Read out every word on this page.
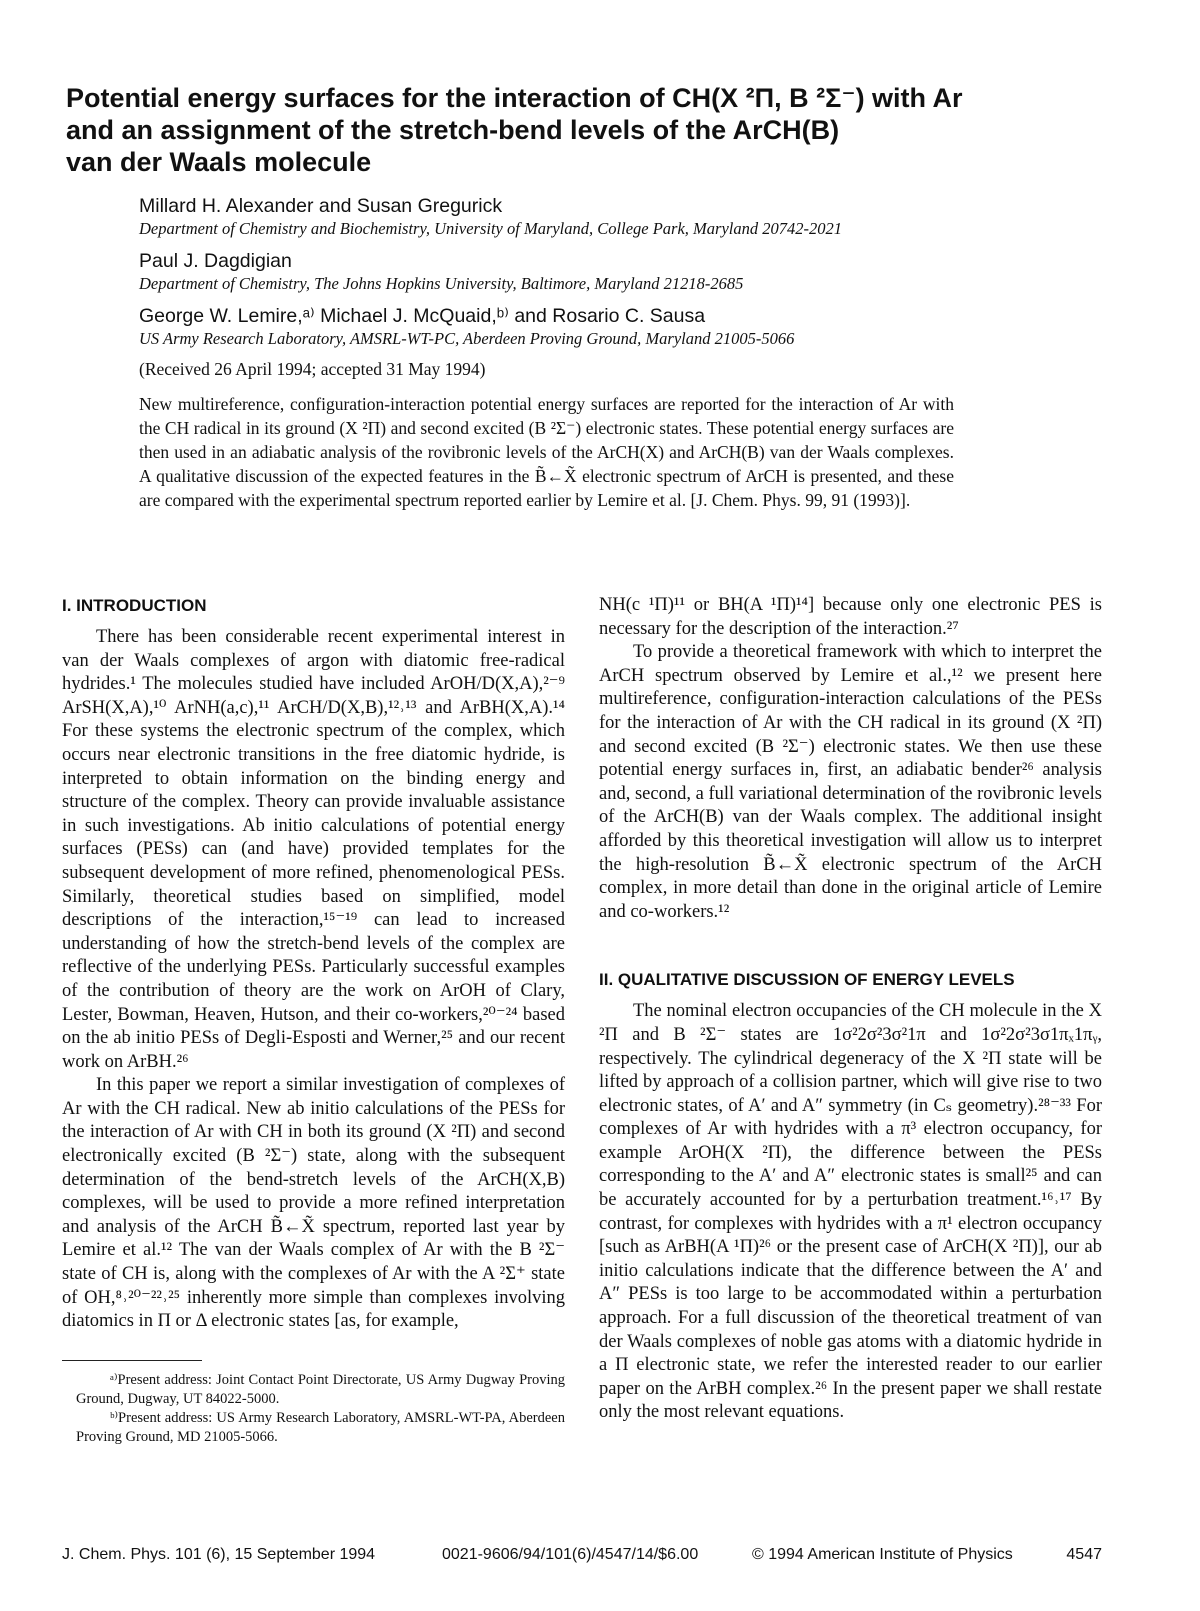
Potential energy surfaces for the interaction of CH(X ²Π, B ²Σ⁻) with Ar
and an assignment of the stretch-bend levels of the ArCH(B)
van der Waals molecule
Millard H. Alexander and Susan Gregurick
Department of Chemistry and Biochemistry, University of Maryland, College Park, Maryland 20742-2021
Paul J. Dagdigian
Department of Chemistry, The Johns Hopkins University, Baltimore, Maryland 21218-2685
George W. Lemire,ᵃ⁾ Michael J. McQuaid,ᵇ⁾ and Rosario C. Sausa
US Army Research Laboratory, AMSRL-WT-PC, Aberdeen Proving Ground, Maryland 21005-5066
(Received 26 April 1994; accepted 31 May 1994)
New multireference, configuration-interaction potential energy surfaces are reported for the interaction of Ar with the CH radical in its ground (X ²Π) and second excited (B ²Σ⁻) electronic states. These potential energy surfaces are then used in an adiabatic analysis of the rovibronic levels of the ArCH(X) and ArCH(B) van der Waals complexes. A qualitative discussion of the expected features in the B̃←X̃ electronic spectrum of ArCH is presented, and these are compared with the experimental spectrum reported earlier by Lemire et al. [J. Chem. Phys. 99, 91 (1993)].
I. INTRODUCTION

There has been considerable recent experimental interest in van der Waals complexes of argon with diatomic free-radical hydrides.¹ The molecules studied have included ArOH/D(X,A),²⁻⁹ ArSH(X,A),¹⁰ ArNH(a,c),¹¹ ArCH/D(X,B),¹²˒¹³ and ArBH(X,A).¹⁴ For these systems the electronic spectrum of the complex, which occurs near electronic transitions in the free diatomic hydride, is interpreted to obtain information on the binding energy and structure of the complex. Theory can provide invaluable assistance in such investigations. Ab initio calculations of potential energy surfaces (PESs) can (and have) provided templates for the subsequent development of more refined, phenomenological PESs. Similarly, theoretical studies based on simplified, model descriptions of the interaction,¹⁵⁻¹⁹ can lead to increased understanding of how the stretch-bend levels of the complex are reflective of the underlying PESs. Particularly successful examples of the contribution of theory are the work on ArOH of Clary, Lester, Bowman, Heaven, Hutson, and their co-workers,²⁰⁻²⁴ based on the ab initio PESs of Degli-Esposti and Werner,²⁵ and our recent work on ArBH.²⁶

In this paper we report a similar investigation of complexes of Ar with the CH radical. New ab initio calculations of the PESs for the interaction of Ar with CH in both its ground (X ²Π) and second electronically excited (B ²Σ⁻) state, along with the subsequent determination of the bend-stretch levels of the ArCH(X,B) complexes, will be used to provide a more refined interpretation and analysis of the ArCH B̃←X̃ spectrum, reported last year by Lemire et al.¹² The van der Waals complex of Ar with the B ²Σ⁻ state of CH is, along with the complexes of Ar with the A ²Σ⁺ state of OH,⁸˒²⁰⁻²²˒²⁵ inherently more simple than complexes involving diatomics in Π or Δ electronic states [as, for example,

ᵃ⁾Present address: Joint Contact Point Directorate, US Army Dugway Proving Ground, Dugway, UT 84022-5000.

ᵇ⁾Present address: US Army Research Laboratory, AMSRL-WT-PA, Aberdeen Proving Ground, MD 21005-5066.

NH(c ¹Π)¹¹ or BH(A ¹Π)¹⁴] because only one electronic PES is necessary for the description of the interaction.²⁷

To provide a theoretical framework with which to interpret the ArCH spectrum observed by Lemire et al.,¹² we present here multireference, configuration-interaction calculations of the PESs for the interaction of Ar with the CH radical in its ground (X ²Π) and second excited (B ²Σ⁻) electronic states. We then use these potential energy surfaces in, first, an adiabatic bender²⁶ analysis and, second, a full variational determination of the rovibronic levels of the ArCH(B) van der Waals complex. The additional insight afforded by this theoretical investigation will allow us to interpret the high-resolution B̃←X̃ electronic spectrum of the ArCH complex, in more detail than done in the original article of Lemire and co-workers.¹²

II. QUALITATIVE DISCUSSION OF ENERGY LEVELS

The nominal electron occupancies of the CH molecule in the X ²Π and B ²Σ⁻ states are 1σ²2σ²3σ²1π and 1σ²2σ²3σ1πₓ1πᵧ, respectively. The cylindrical degeneracy of the X ²Π state will be lifted by approach of a collision partner, which will give rise to two electronic states, of A′ and A″ symmetry (in Cₛ geometry).²⁸⁻³³ For complexes of Ar with hydrides with a π³ electron occupancy, for example ArOH(X ²Π), the difference between the PESs corresponding to the A′ and A″ electronic states is small²⁵ and can be accurately accounted for by a perturbation treatment.¹⁶˒¹⁷ By contrast, for complexes with hydrides with a π¹ electron occupancy [such as ArBH(A ¹Π)²⁶ or the present case of ArCH(X ²Π)], our ab initio calculations indicate that the difference between the A′ and A″ PESs is too large to be accommodated within a perturbation approach. For a full discussion of the theoretical treatment of van der Waals complexes of noble gas atoms with a diatomic hydride in a Π electronic state, we refer the interested reader to our earlier paper on the ArBH complex.²⁶ In the present paper we shall restate only the most relevant equations.

J. Chem. Phys. 101 (6), 15 September 1994	0021-9606/94/101(6)/4547/14/$6.00	© 1994 American Institute of Physics	4547
